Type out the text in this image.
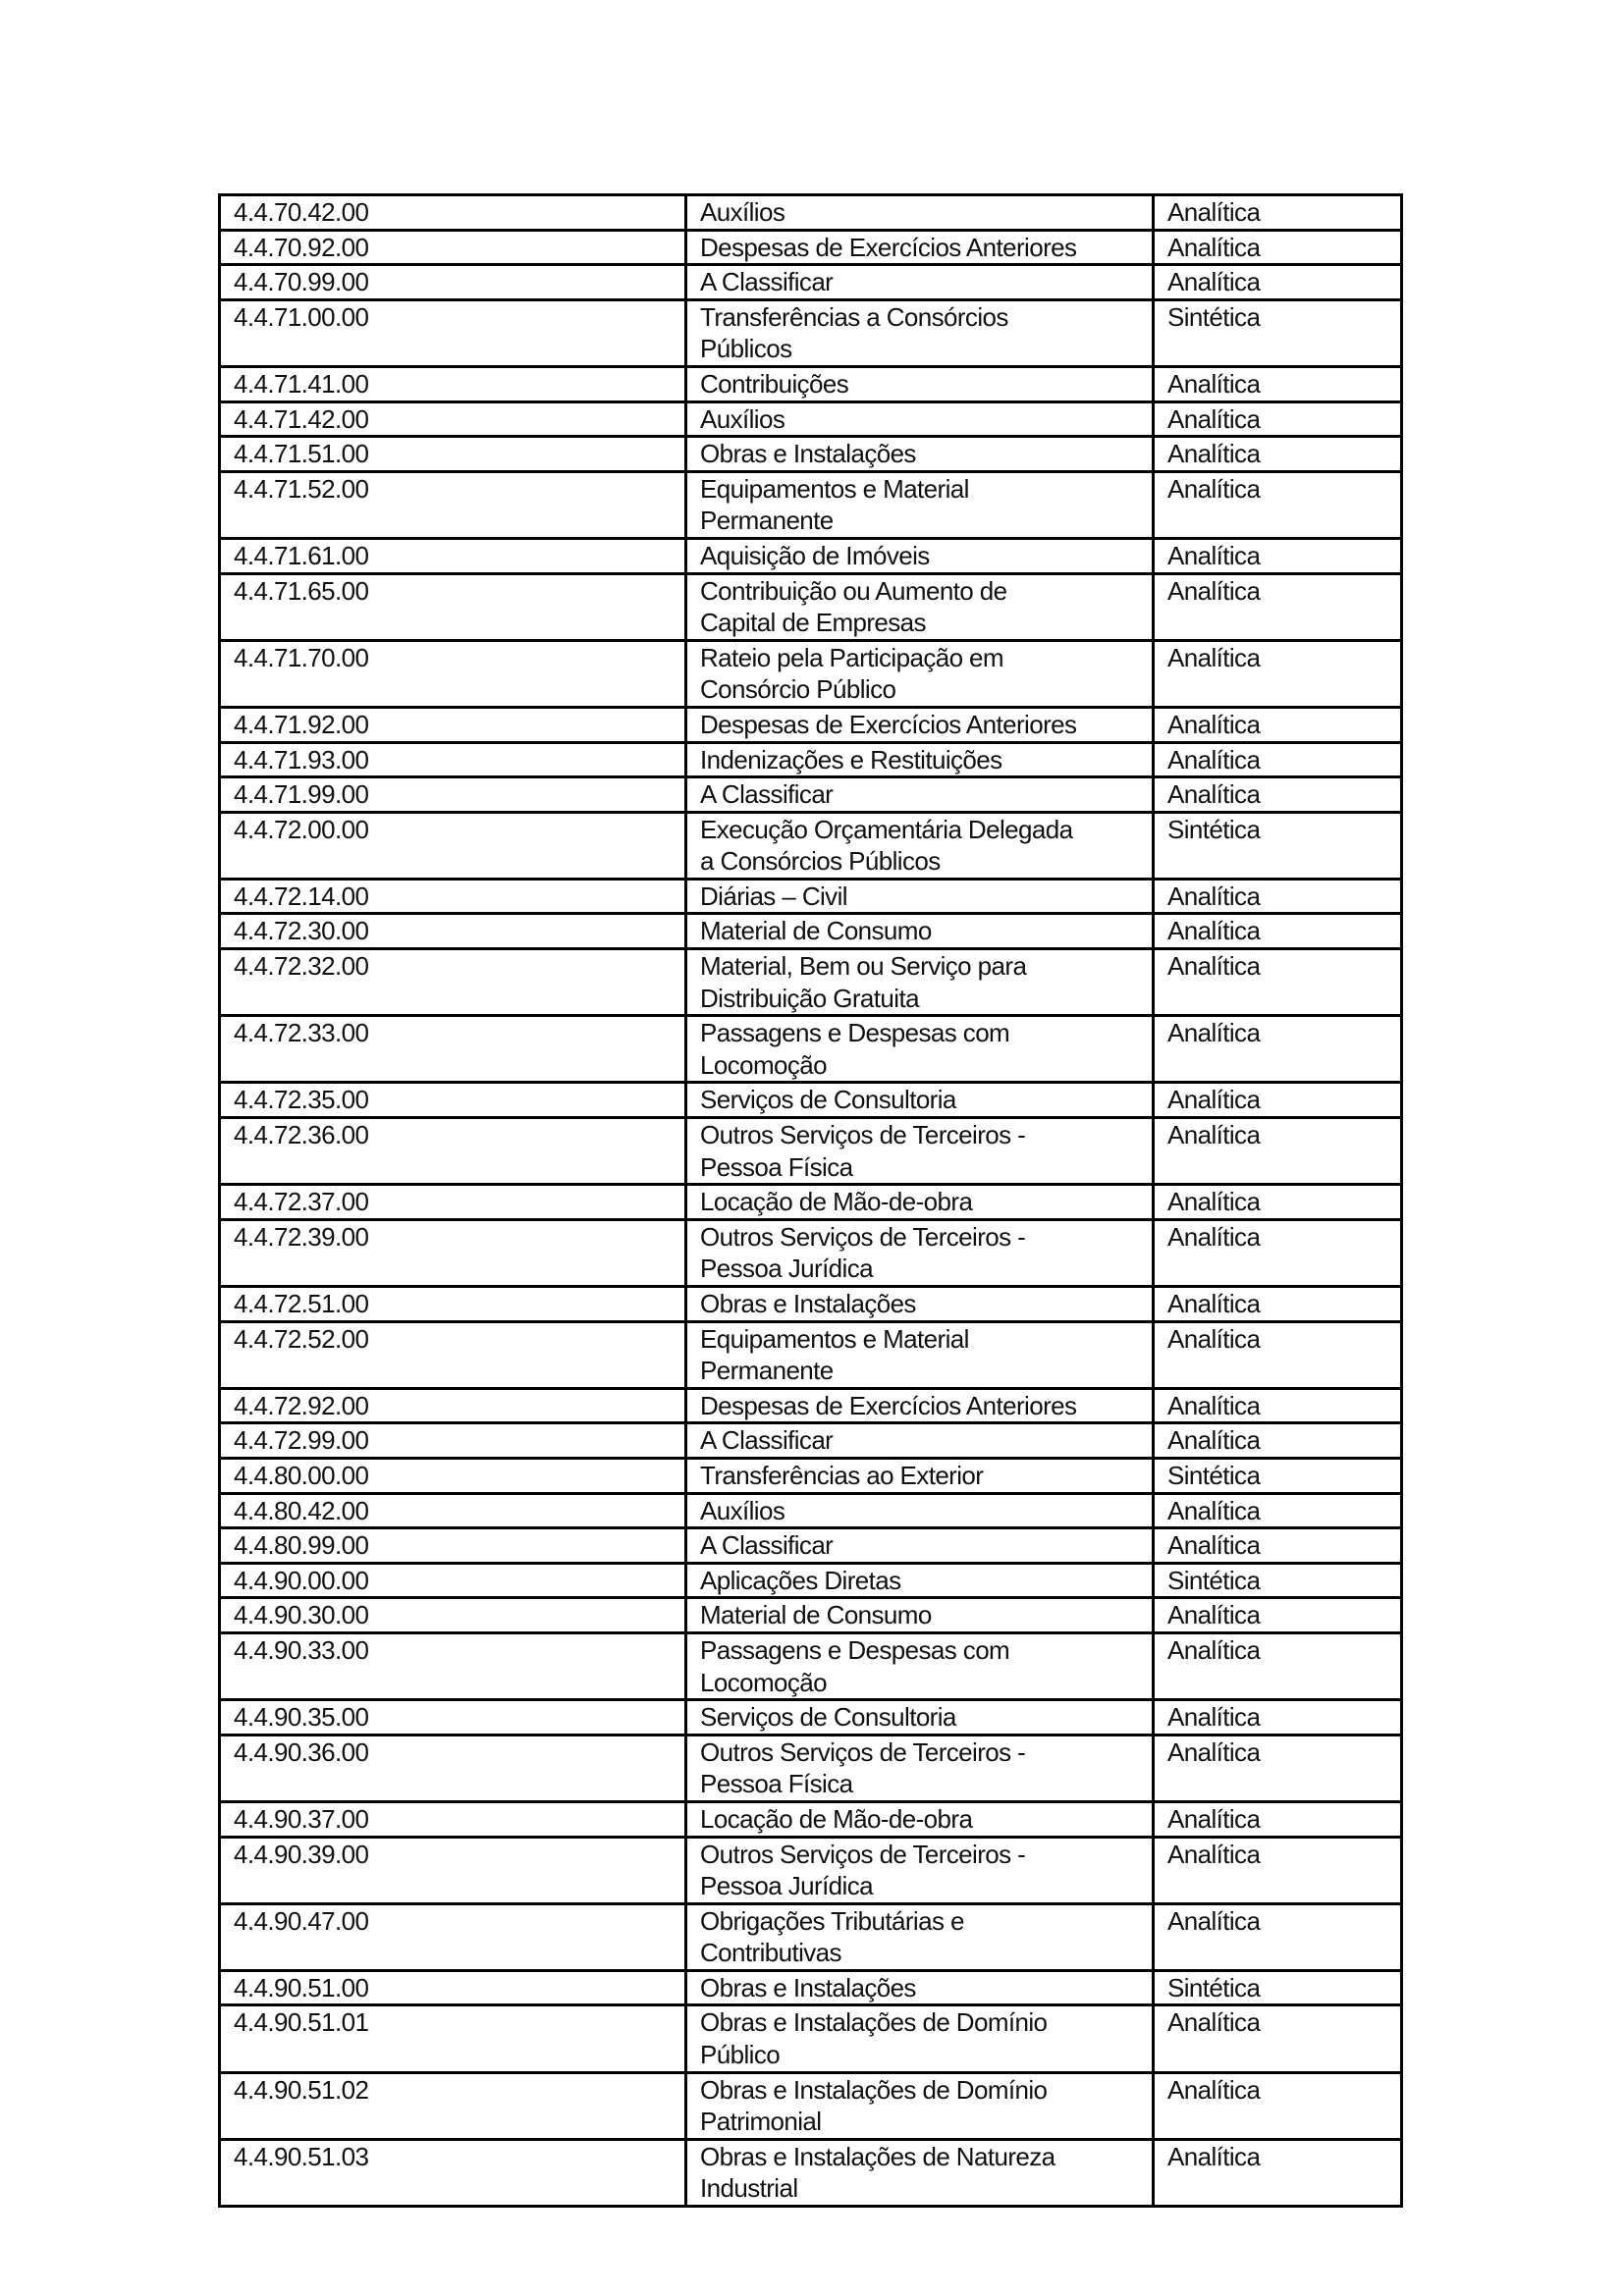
4.4.70.42.00	Auxílios	Analítica
4.4.70.92.00	Despesas de Exercícios Anteriores	Analítica
4.4.70.99.00	A Classificar	Analítica
4.4.71.00.00	Transferências a Consórcios
Públicos	Sintética
4.4.71.41.00	Contribuições	Analítica
4.4.71.42.00	Auxílios	Analítica
4.4.71.51.00	Obras e Instalações	Analítica
4.4.71.52.00	Equipamentos e Material
Permanente	Analítica
4.4.71.61.00	Aquisição de Imóveis	Analítica
4.4.71.65.00	Contribuição ou Aumento de
Capital de Empresas	Analítica
4.4.71.70.00	Rateio pela Participação em
Consórcio Público	Analítica
4.4.71.92.00	Despesas de Exercícios Anteriores	Analítica
4.4.71.93.00	Indenizações e Restituições	Analítica
4.4.71.99.00	A Classificar	Analítica
4.4.72.00.00	Execução Orçamentária Delegada
a Consórcios Públicos	Sintética
4.4.72.14.00	Diárias – Civil	Analítica
4.4.72.30.00	Material de Consumo	Analítica
4.4.72.32.00	Material, Bem ou Serviço para
Distribuição Gratuita	Analítica
4.4.72.33.00	Passagens e Despesas com
Locomoção	Analítica
4.4.72.35.00	Serviços de Consultoria	Analítica
4.4.72.36.00	Outros Serviços de Terceiros -
Pessoa Física	Analítica
4.4.72.37.00	Locação de Mão-de-obra	Analítica
4.4.72.39.00	Outros Serviços de Terceiros -
Pessoa Jurídica	Analítica
4.4.72.51.00	Obras e Instalações	Analítica
4.4.72.52.00	Equipamentos e Material
Permanente	Analítica
4.4.72.92.00	Despesas de Exercícios Anteriores	Analítica
4.4.72.99.00	A Classificar	Analítica
4.4.80.00.00	Transferências ao Exterior	Sintética
4.4.80.42.00	Auxílios	Analítica
4.4.80.99.00	A Classificar	Analítica
4.4.90.00.00	Aplicações Diretas	Sintética
4.4.90.30.00	Material de Consumo	Analítica
4.4.90.33.00	Passagens e Despesas com
Locomoção	Analítica
4.4.90.35.00	Serviços de Consultoria	Analítica
4.4.90.36.00	Outros Serviços de Terceiros -
Pessoa Física	Analítica
4.4.90.37.00	Locação de Mão-de-obra	Analítica
4.4.90.39.00	Outros Serviços de Terceiros -
Pessoa Jurídica	Analítica
4.4.90.47.00	Obrigações Tributárias e
Contributivas	Analítica
4.4.90.51.00	Obras e Instalações	Sintética
4.4.90.51.01	Obras e Instalações de Domínio
Público	Analítica
4.4.90.51.02	Obras e Instalações de Domínio
Patrimonial	Analítica
4.4.90.51.03	Obras e Instalações de Natureza
Industrial	Analítica
